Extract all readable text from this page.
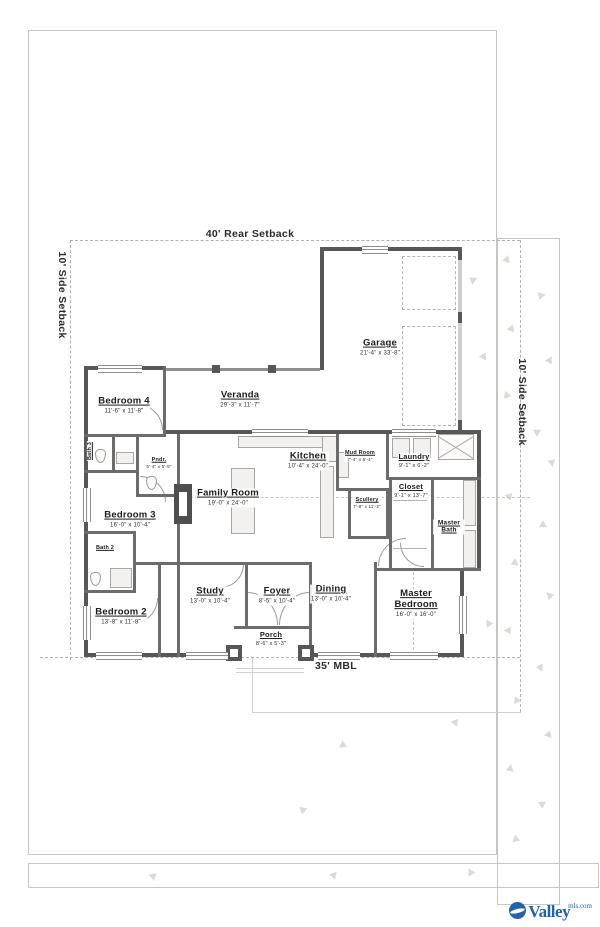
40' Rear Setback
10' Side Setback
10' Side Setback
35' MBL
Garage
21'-4" x 33'-8"
Bedroom 4
11'-6" x 11'-8"
Veranda
29'-3" x 11'-7"
Kitchen
10'-4" x 24'-0"
Mud Room
7'-4" x 6'-4"	Laundry
9'-1" x 6'-2"
Closet
9'-1" x 13'-7"
Family Room
19'-0" x 24'-0"
Scullery
7'-8" x 11'-2"
Bedroom 3
16'-0" x 10'-4"	Master Bath
Bath 3	Pndr.
5'-4" x 5'-9"
Bath 2
Study
13'-0" x 10'-4"
Foyer
8'-5" x 10'-4"
Dining
13'-0" x 10'-4"
Master Bedroom
16'-0" x 16'-0"
Bedroom 2
13'-8" x 11'-8"
Porch
8'-6" x 5'-3"
Valley
mls.com
